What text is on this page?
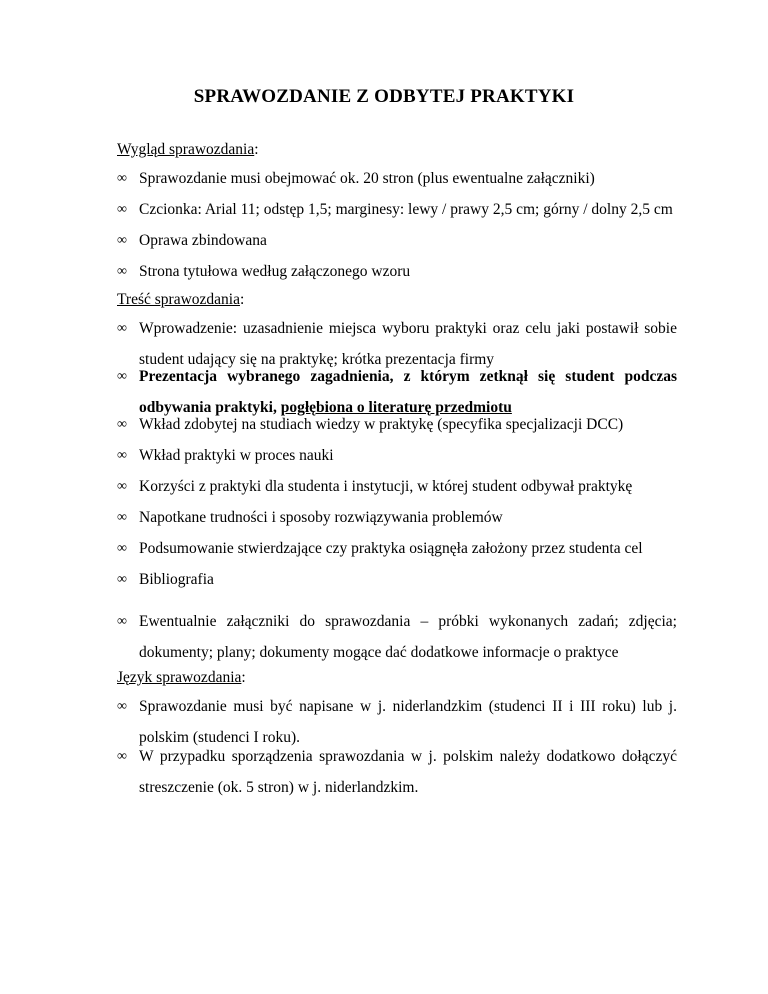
SPRAWOZDANIE Z ODBYTEJ PRAKTYKI

Wygląd sprawozdania:

∞ Sprawozdanie musi obejmować ok. 20 stron (plus ewentualne załączniki)
∞ Czcionka: Arial 11; odstęp 1,5; marginesy: lewy / prawy 2,5 cm; górny / dolny 2,5 cm
∞ Oprawa zbindowana
∞ Strona tytułowa według załączonego wzoru

Treść sprawozdania:

∞ Wprowadzenie: uzasadnienie miejsca wyboru praktyki oraz celu jaki postawił sobie student udający się na praktykę; krótka prezentacja firmy
∞ Prezentacja wybranego zagadnienia, z którym zetknął się student podczas odbywania praktyki, pogłębiona o literaturę przedmiotu
∞ Wkład zdobytej na studiach wiedzy w praktykę (specyfika specjalizacji DCC)
∞ Wkład praktyki w proces nauki
∞ Korzyści z praktyki dla studenta i instytucji, w której student odbywał praktykę
∞ Napotkane trudności i sposoby rozwiązywania problemów
∞ Podsumowanie stwierdzające czy praktyka osiągnęła założony przez studenta cel
∞ Bibliografia
∞ Ewentualnie załączniki do sprawozdania – próbki wykonanych zadań; zdjęcia; dokumenty; plany; dokumenty mogące dać dodatkowe informacje o praktyce

Język sprawozdania:

∞ Sprawozdanie musi być napisane w j. niderlandzkim (studenci II i III roku) lub j. polskim (studenci I roku).
∞ W przypadku sporządzenia sprawozdania w j. polskim należy dodatkowo dołączyć streszczenie (ok. 5 stron) w j. niderlandzkim.
